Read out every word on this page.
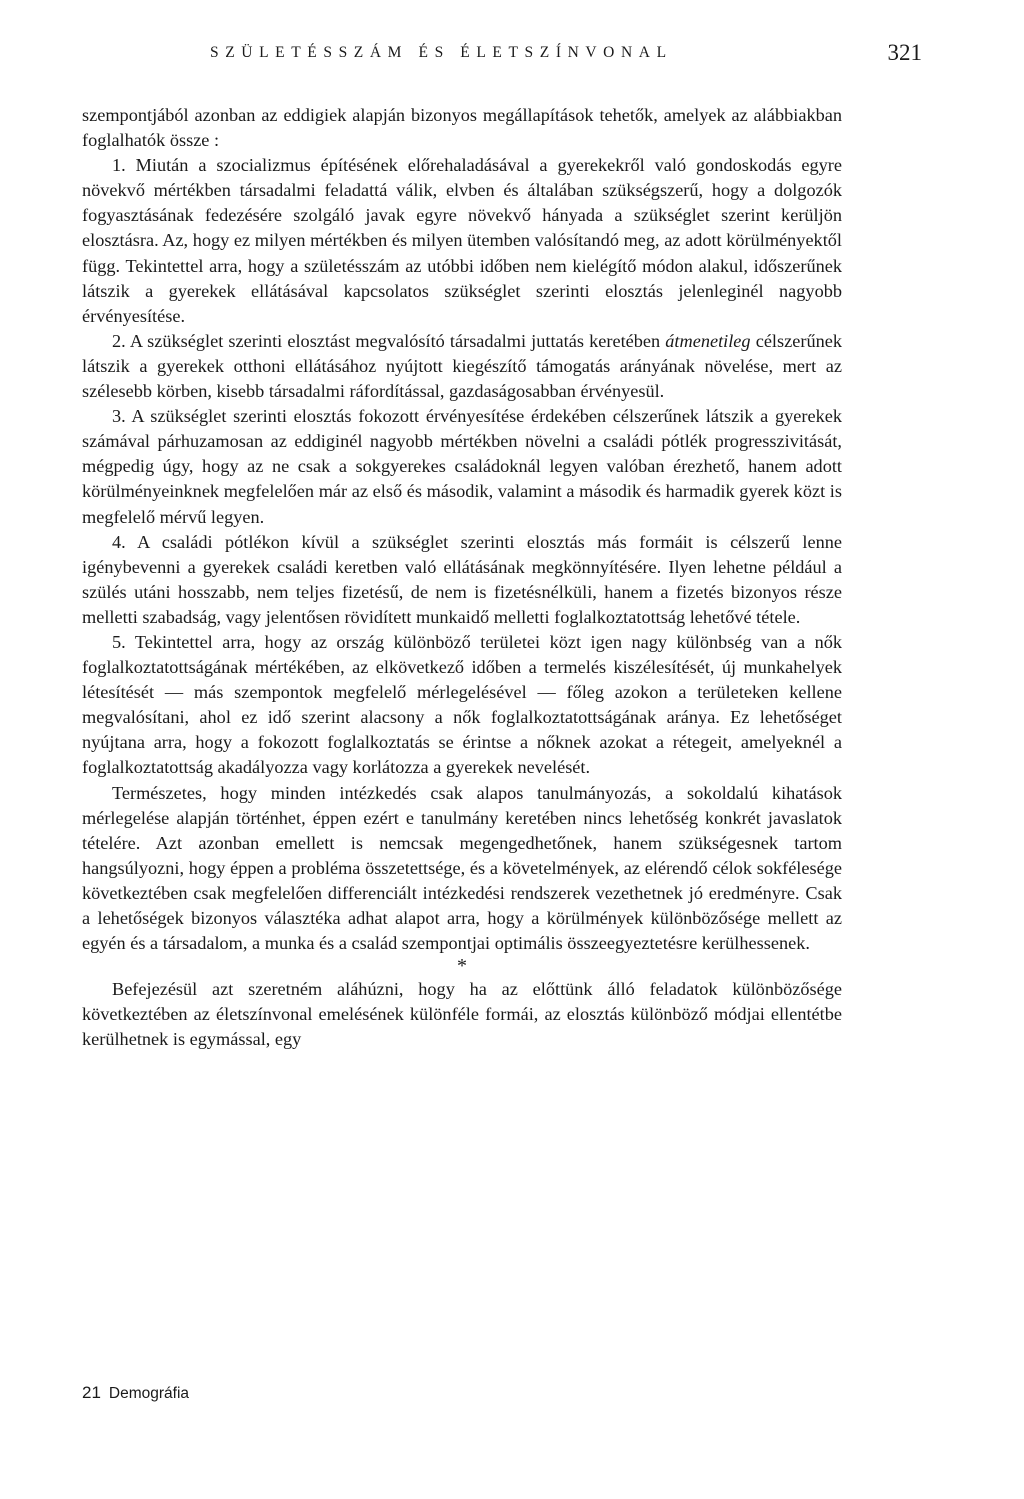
SZÜLETÉSSZÁM ÉS ÉLETSZÍNVONAL	321

szempontjából azonban az eddigiek alapján bizonyos megállapítások tehetők, amelyek az alábbiakban foglalhatók össze :

1. Miután a szocializmus építésének előrehaladásával a gyerekekről való gondoskodás egyre növekvő mértékben társadalmi feladattá válik, elvben és általában szükségszerű, hogy a dolgozók fogyasztásának fedezésére szolgáló javak egyre növekvő hányada a szükséglet szerint kerüljön elosztásra. Az, hogy ez milyen mértékben és milyen ütemben valósítandó meg, az adott körülményektől függ. Tekintettel arra, hogy a születésszám az utóbbi időben nem kielégítő módon alakul, időszerűnek látszik a gyerekek ellátásával kapcsolatos szükséglet szerinti elosztás jelenleginél nagyobb érvényesítése.

2. A szükséglet szerinti elosztást megvalósító társadalmi juttatás keretében átmenetileg célszerűnek látszik a gyerekek otthoni ellátásához nyújtott kiegészítő támogatás arányának növelése, mert az szélesebb körben, kisebb társadalmi ráfordítással, gazdaságosabban érvényesül.

3. A szükséglet szerinti elosztás fokozott érvényesítése érdekében célszerűnek látszik a gyerekek számával párhuzamosan az eddiginél nagyobb mértékben növelni a családi pótlék progresszivitását, mégpedig úgy, hogy az ne csak a sokgyerekes családoknál legyen valóban érezhető, hanem adott körülményeinknek megfelelően már az első és második, valamint a második és harmadik gyerek közt is megfelelő mérvű legyen.

4. A családi pótlékon kívül a szükséglet szerinti elosztás más formáit is célszerű lenne igénybevenni a gyerekek családi keretben való ellátásának megkönnyítésére. Ilyen lehetne például a szülés utáni hosszabb, nem teljes fizetésű, de nem is fizetésnélküli, hanem a fizetés bizonyos része melletti szabadság, vagy jelentősen rövidített munkaidő melletti foglalkoztatottság lehetővé tétele.

5. Tekintettel arra, hogy az ország különböző területei közt igen nagy különbség van a nők foglalkoztatottságának mértékében, az elkövetkező időben a termelés kiszélesítését, új munkahelyek létesítését — más szempontok megfelelő mérlegelésével — főleg azokon a területeken kellene megvalósítani, ahol ez idő szerint alacsony a nők foglalkoztatottságának aránya. Ez lehetőséget nyújtana arra, hogy a fokozott foglalkoztatás se érintse a nőknek azokat a rétegeit, amelyeknél a foglalkoztatottság akadályozza vagy korlátozza a gyerekek nevelését.

Természetes, hogy minden intézkedés csak alapos tanulmányozás, a sokoldalú kihatások mérlegelése alapján történhet, éppen ezért e tanulmány keretében nincs lehetőség konkrét javaslatok tételére. Azt azonban emellett is nemcsak megengedhetőnek, hanem szükségesnek tartom hangsúlyozni, hogy éppen a probléma összetettsége, és a követelmények, az elérendő célok sokfélesége következtében csak megfelelően differenciált intézkedési rendszerek vezethetnek jó eredményre. Csak a lehetőségek bizonyos választéka adhat alapot arra, hogy a körülmények különbözősége mellett az egyén és a társadalom, a munka és a család szempontjai optimális összeegyeztetésre kerülhessenek.

*

Befejezésül azt szeretném aláhúzni, hogy ha az előttünk álló feladatok különbözősége következtében az életszínvonal emelésének különféle formái, az elosztás különböző módjai ellentétbe kerülhetnek is egymással, egy

21 Demográfia
